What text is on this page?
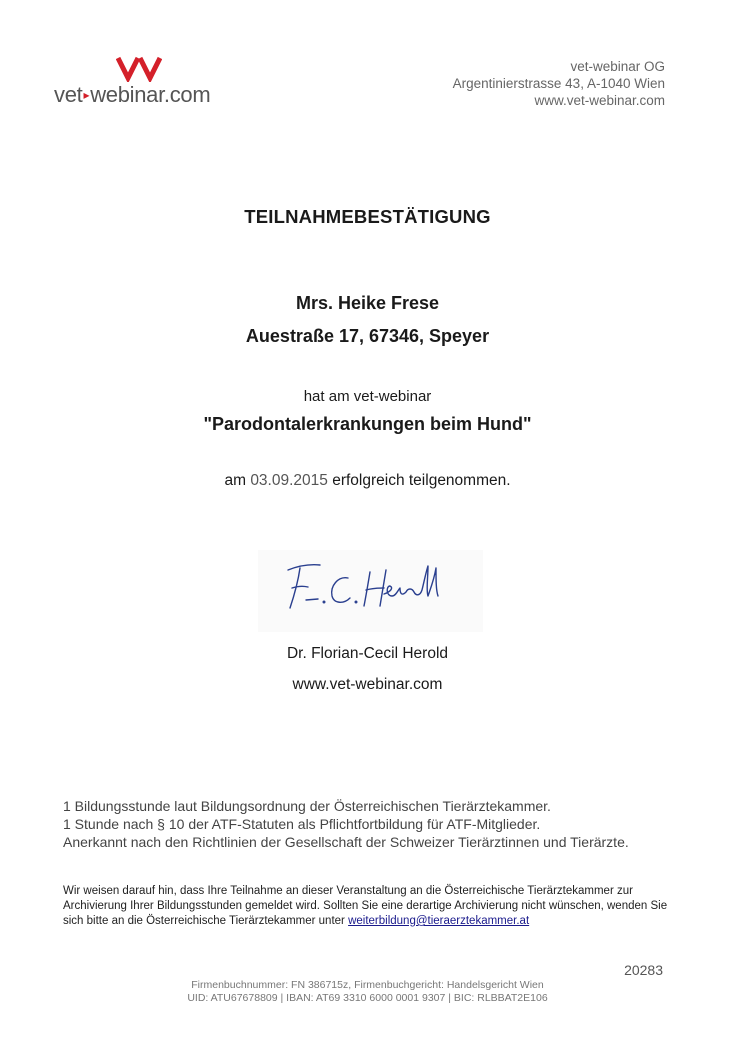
vet▸webinar.com
vet-webinar OG
Argentinierstrasse 43, A-1040 Wien
www.vet-webinar.com
TEILNAHMEBESTÄTIGUNG
Mrs. Heike Frese
Auestraße 17, 67346, Speyer
hat am vet-webinar
"Parodontalerkrankungen beim Hund"
am 03.09.2015 erfolgreich teilgenommen.
Dr. Florian-Cecil Herold
www.vet-webinar.com
1 Bildungsstunde laut Bildungsordnung der Österreichischen Tierärztekammer.
1 Stunde nach § 10 der ATF-Statuten als Pflichtfortbildung für ATF-Mitglieder.
Anerkannt nach den Richtlinien der Gesellschaft der Schweizer Tierärztinnen und Tierärzte.
Wir weisen darauf hin, dass Ihre Teilnahme an dieser Veranstaltung an die Österreichische Tierärztekammer zur Archivierung Ihrer Bildungsstunden gemeldet wird. Sollten Sie eine derartige Archivierung nicht wünschen, wenden Sie sich bitte an die Österreichische Tierärztekammer unter weiterbildung@tieraerztekammer.at
20283
Firmenbuchnummer: FN 386715z, Firmenbuchgericht: Handelsgericht Wien
UID: ATU67678809 | IBAN: AT69 3310 6000 0001 9307 | BIC: RLBBAT2E106
